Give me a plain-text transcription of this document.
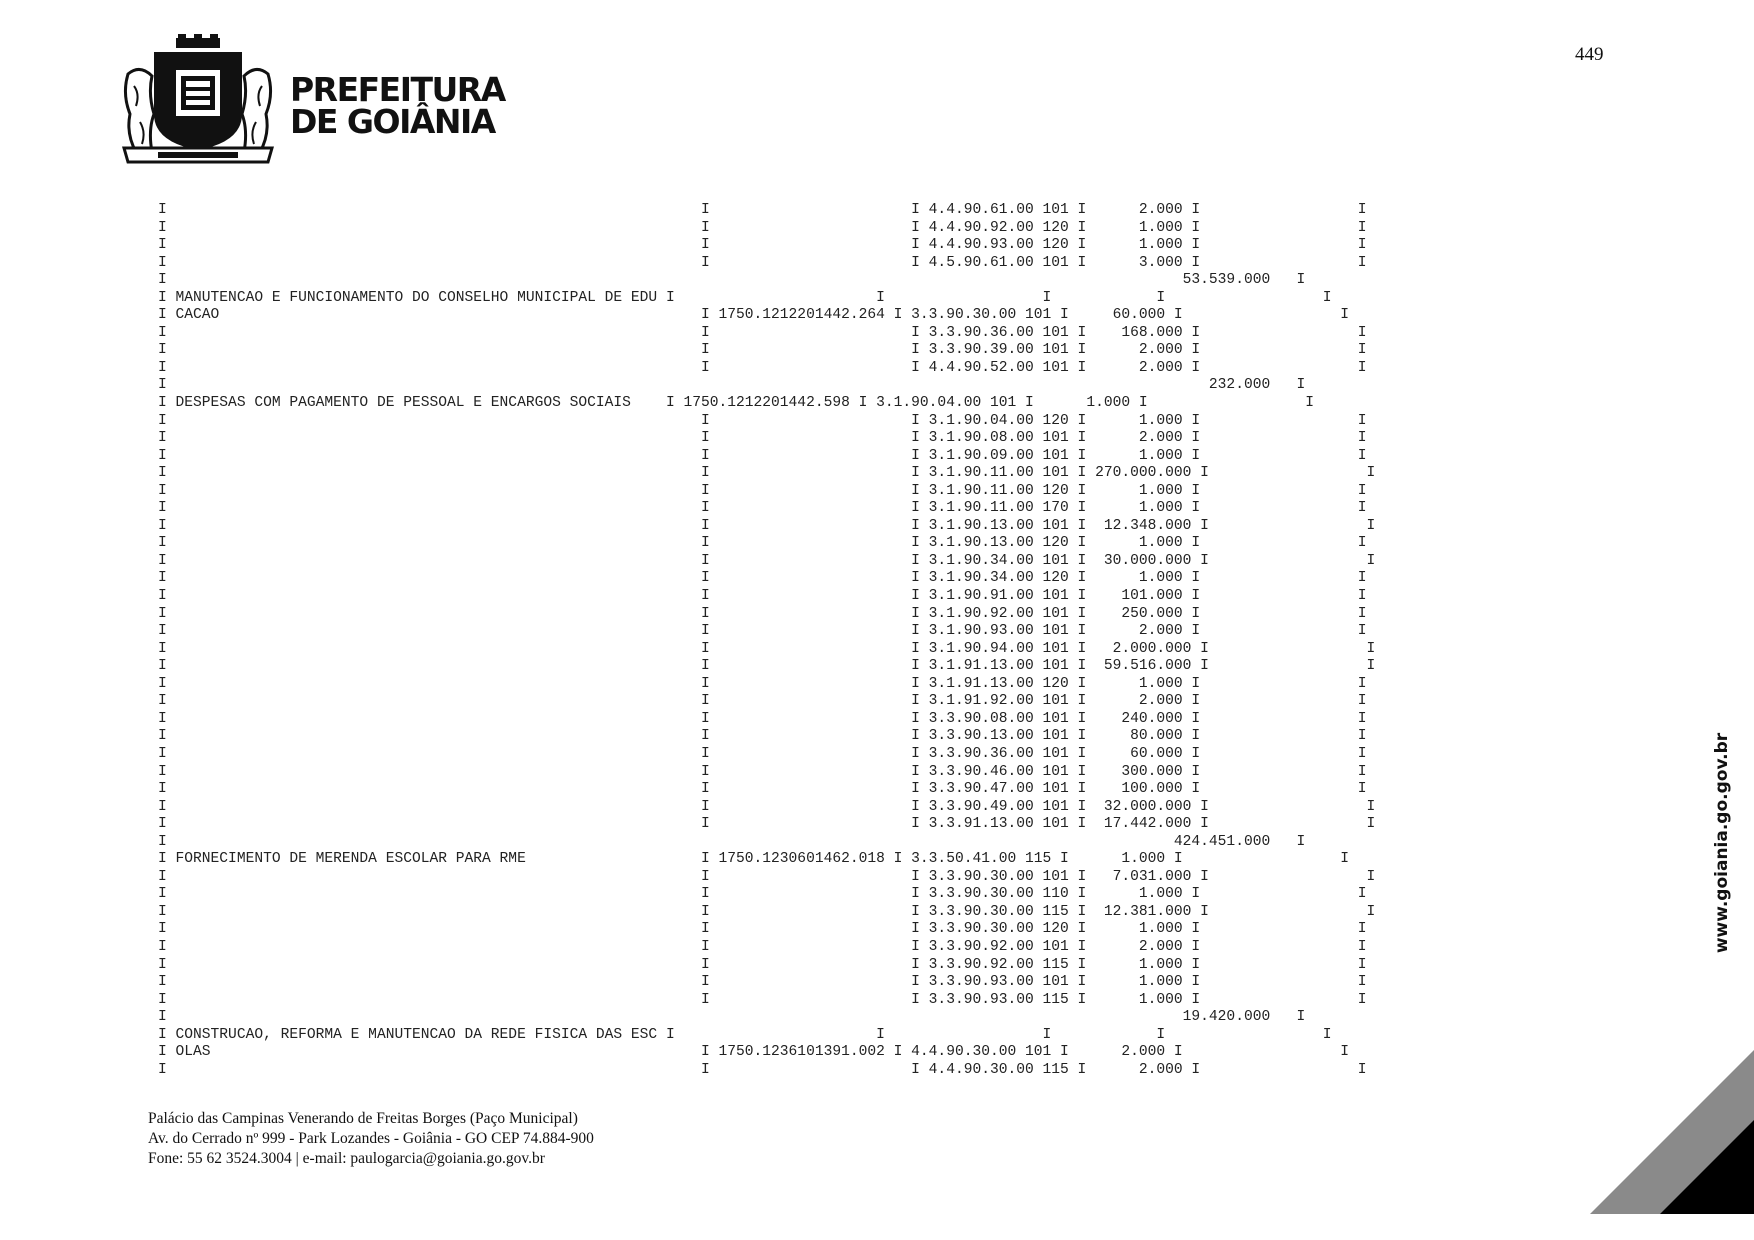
PREFEITURA
DE GOIÂNIA
449
I                                                             I                       I 4.4.90.61.00 101 I      2.000 I                  I
I                                                             I                       I 4.4.90.92.00 120 I      1.000 I                  I
I                                                             I                       I 4.4.90.93.00 120 I      1.000 I                  I
I                                                             I                       I 4.5.90.61.00 101 I      3.000 I                  I
I                                                                                                                    53.539.000   I
I MANUTENCAO E FUNCIONAMENTO DO CONSELHO MUNICIPAL DE EDU I                       I                  I            I                  I
I CACAO                                                       I 1750.1212201442.264 I 3.3.90.30.00 101 I     60.000 I                  I
I                                                             I                       I 3.3.90.36.00 101 I    168.000 I                  I
I                                                             I                       I 3.3.90.39.00 101 I      2.000 I                  I
I                                                             I                       I 4.4.90.52.00 101 I      2.000 I                  I
I                                                                                                                       232.000   I
I DESPESAS COM PAGAMENTO DE PESSOAL E ENCARGOS SOCIAIS    I 1750.1212201442.598 I 3.1.90.04.00 101 I      1.000 I                  I
I                                                             I                       I 3.1.90.04.00 120 I      1.000 I                  I
I                                                             I                       I 3.1.90.08.00 101 I      2.000 I                  I
I                                                             I                       I 3.1.90.09.00 101 I      1.000 I                  I
I                                                             I                       I 3.1.90.11.00 101 I 270.000.000 I                  I
I                                                             I                       I 3.1.90.11.00 120 I      1.000 I                  I
I                                                             I                       I 3.1.90.11.00 170 I      1.000 I                  I
I                                                             I                       I 3.1.90.13.00 101 I  12.348.000 I                  I
I                                                             I                       I 3.1.90.13.00 120 I      1.000 I                  I
I                                                             I                       I 3.1.90.34.00 101 I  30.000.000 I                  I
I                                                             I                       I 3.1.90.34.00 120 I      1.000 I                  I
I                                                             I                       I 3.1.90.91.00 101 I    101.000 I                  I
I                                                             I                       I 3.1.90.92.00 101 I    250.000 I                  I
I                                                             I                       I 3.1.90.93.00 101 I      2.000 I                  I
I                                                             I                       I 3.1.90.94.00 101 I   2.000.000 I                  I
I                                                             I                       I 3.1.91.13.00 101 I  59.516.000 I                  I
I                                                             I                       I 3.1.91.13.00 120 I      1.000 I                  I
I                                                             I                       I 3.1.91.92.00 101 I      2.000 I                  I
I                                                             I                       I 3.3.90.08.00 101 I    240.000 I                  I
I                                                             I                       I 3.3.90.13.00 101 I     80.000 I                  I
I                                                             I                       I 3.3.90.36.00 101 I     60.000 I                  I
I                                                             I                       I 3.3.90.46.00 101 I    300.000 I                  I
I                                                             I                       I 3.3.90.47.00 101 I    100.000 I                  I
I                                                             I                       I 3.3.90.49.00 101 I  32.000.000 I                  I
I                                                             I                       I 3.3.91.13.00 101 I  17.442.000 I                  I
I                                                                                                                   424.451.000   I
I FORNECIMENTO DE MERENDA ESCOLAR PARA RME                    I 1750.1230601462.018 I 3.3.50.41.00 115 I      1.000 I                  I
I                                                             I                       I 3.3.90.30.00 101 I   7.031.000 I                  I
I                                                             I                       I 3.3.90.30.00 110 I      1.000 I                  I
I                                                             I                       I 3.3.90.30.00 115 I  12.381.000 I                  I
I                                                             I                       I 3.3.90.30.00 120 I      1.000 I                  I
I                                                             I                       I 3.3.90.92.00 101 I      2.000 I                  I
I                                                             I                       I 3.3.90.92.00 115 I      1.000 I                  I
I                                                             I                       I 3.3.90.93.00 101 I      1.000 I                  I
I                                                             I                       I 3.3.90.93.00 115 I      1.000 I                  I
I                                                                                                                    19.420.000   I
I CONSTRUCAO, REFORMA E MANUTENCAO DA REDE FISICA DAS ESC I                       I                  I            I                  I
I OLAS                                                        I 1750.1236101391.002 I 4.4.90.30.00 101 I      2.000 I                  I
I                                                             I                       I 4.4.90.30.00 115 I      2.000 I                  I
Palácio das Campinas Venerando de Freitas Borges (Paço Municipal)
Av. do Cerrado nº 999 - Park Lozandes - Goiânia - GO CEP 74.884-900
Fone: 55 62 3524.3004 | e-mail: paulogarcia@goiania.go.gov.br
www.goiania.go.gov.br
